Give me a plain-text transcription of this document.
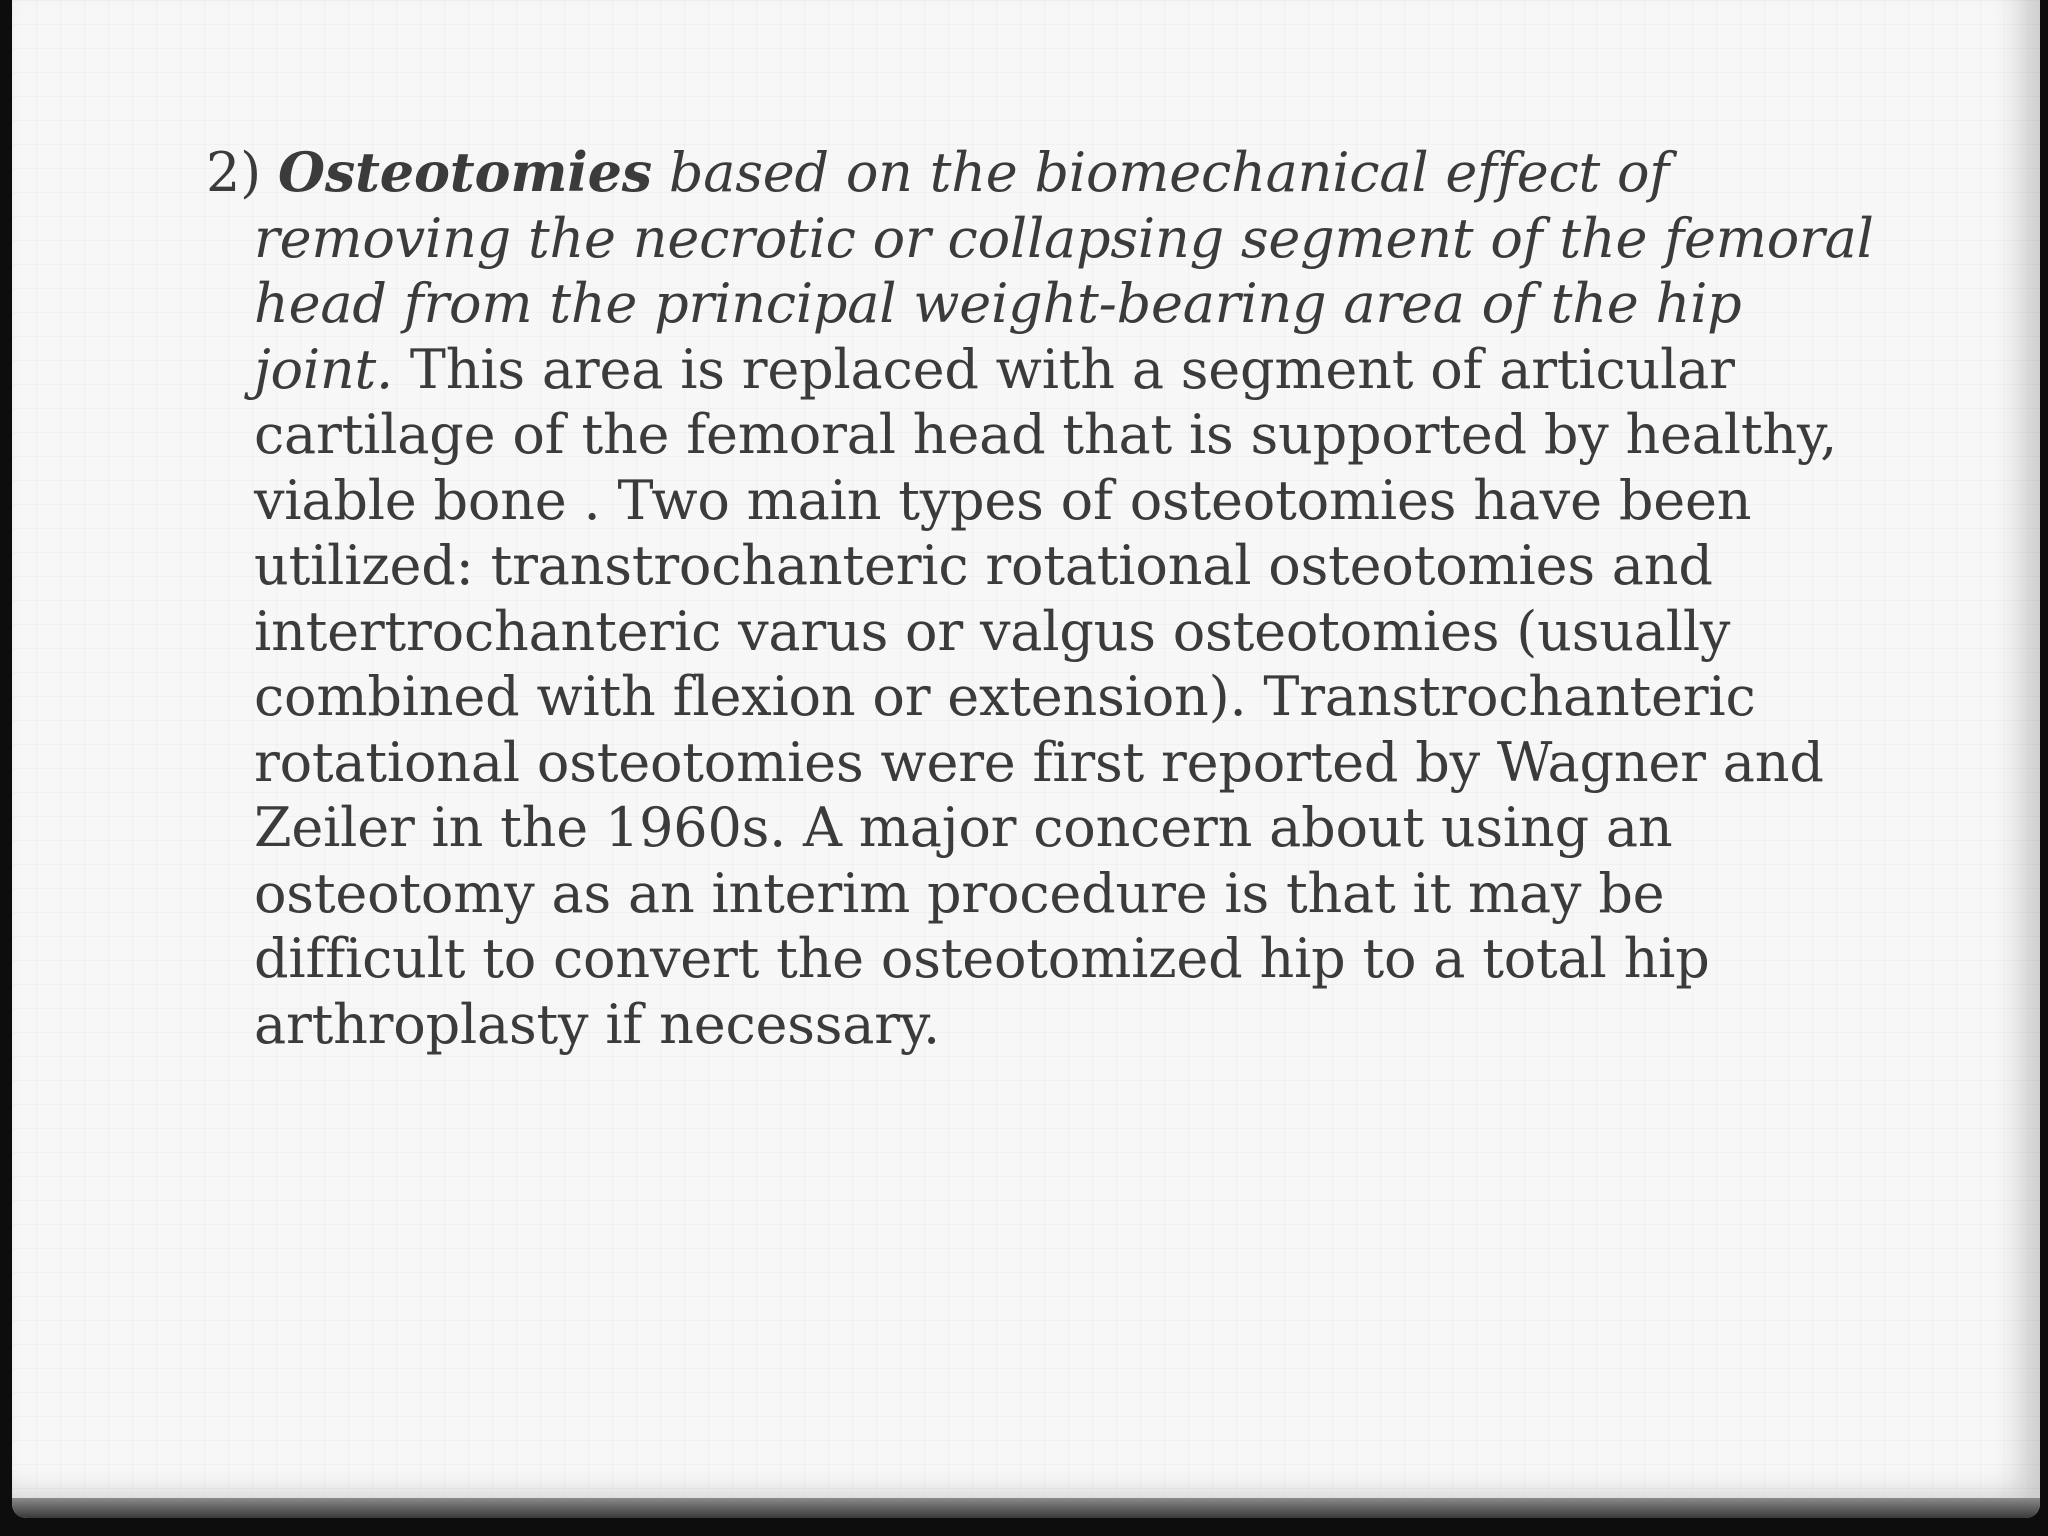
2) Osteotomies based on the biomechanical effect of removing the necrotic or collapsing segment of the femoral head from the principal weight-bearing area of the hip joint. This area is replaced with a segment of articular cartilage of the femoral head that is supported by healthy, viable bone . Two main types of osteotomies have been utilized: transtrochanteric rotational osteotomies and intertrochanteric varus or valgus osteotomies (usually combined with flexion or extension). Transtrochanteric rotational osteotomies were first reported by Wagner and Zeiler in the 1960s. A major concern about using an osteotomy as an interim procedure is that it may be difficult to convert the osteotomized hip to a total hip arthroplasty if necessary.
